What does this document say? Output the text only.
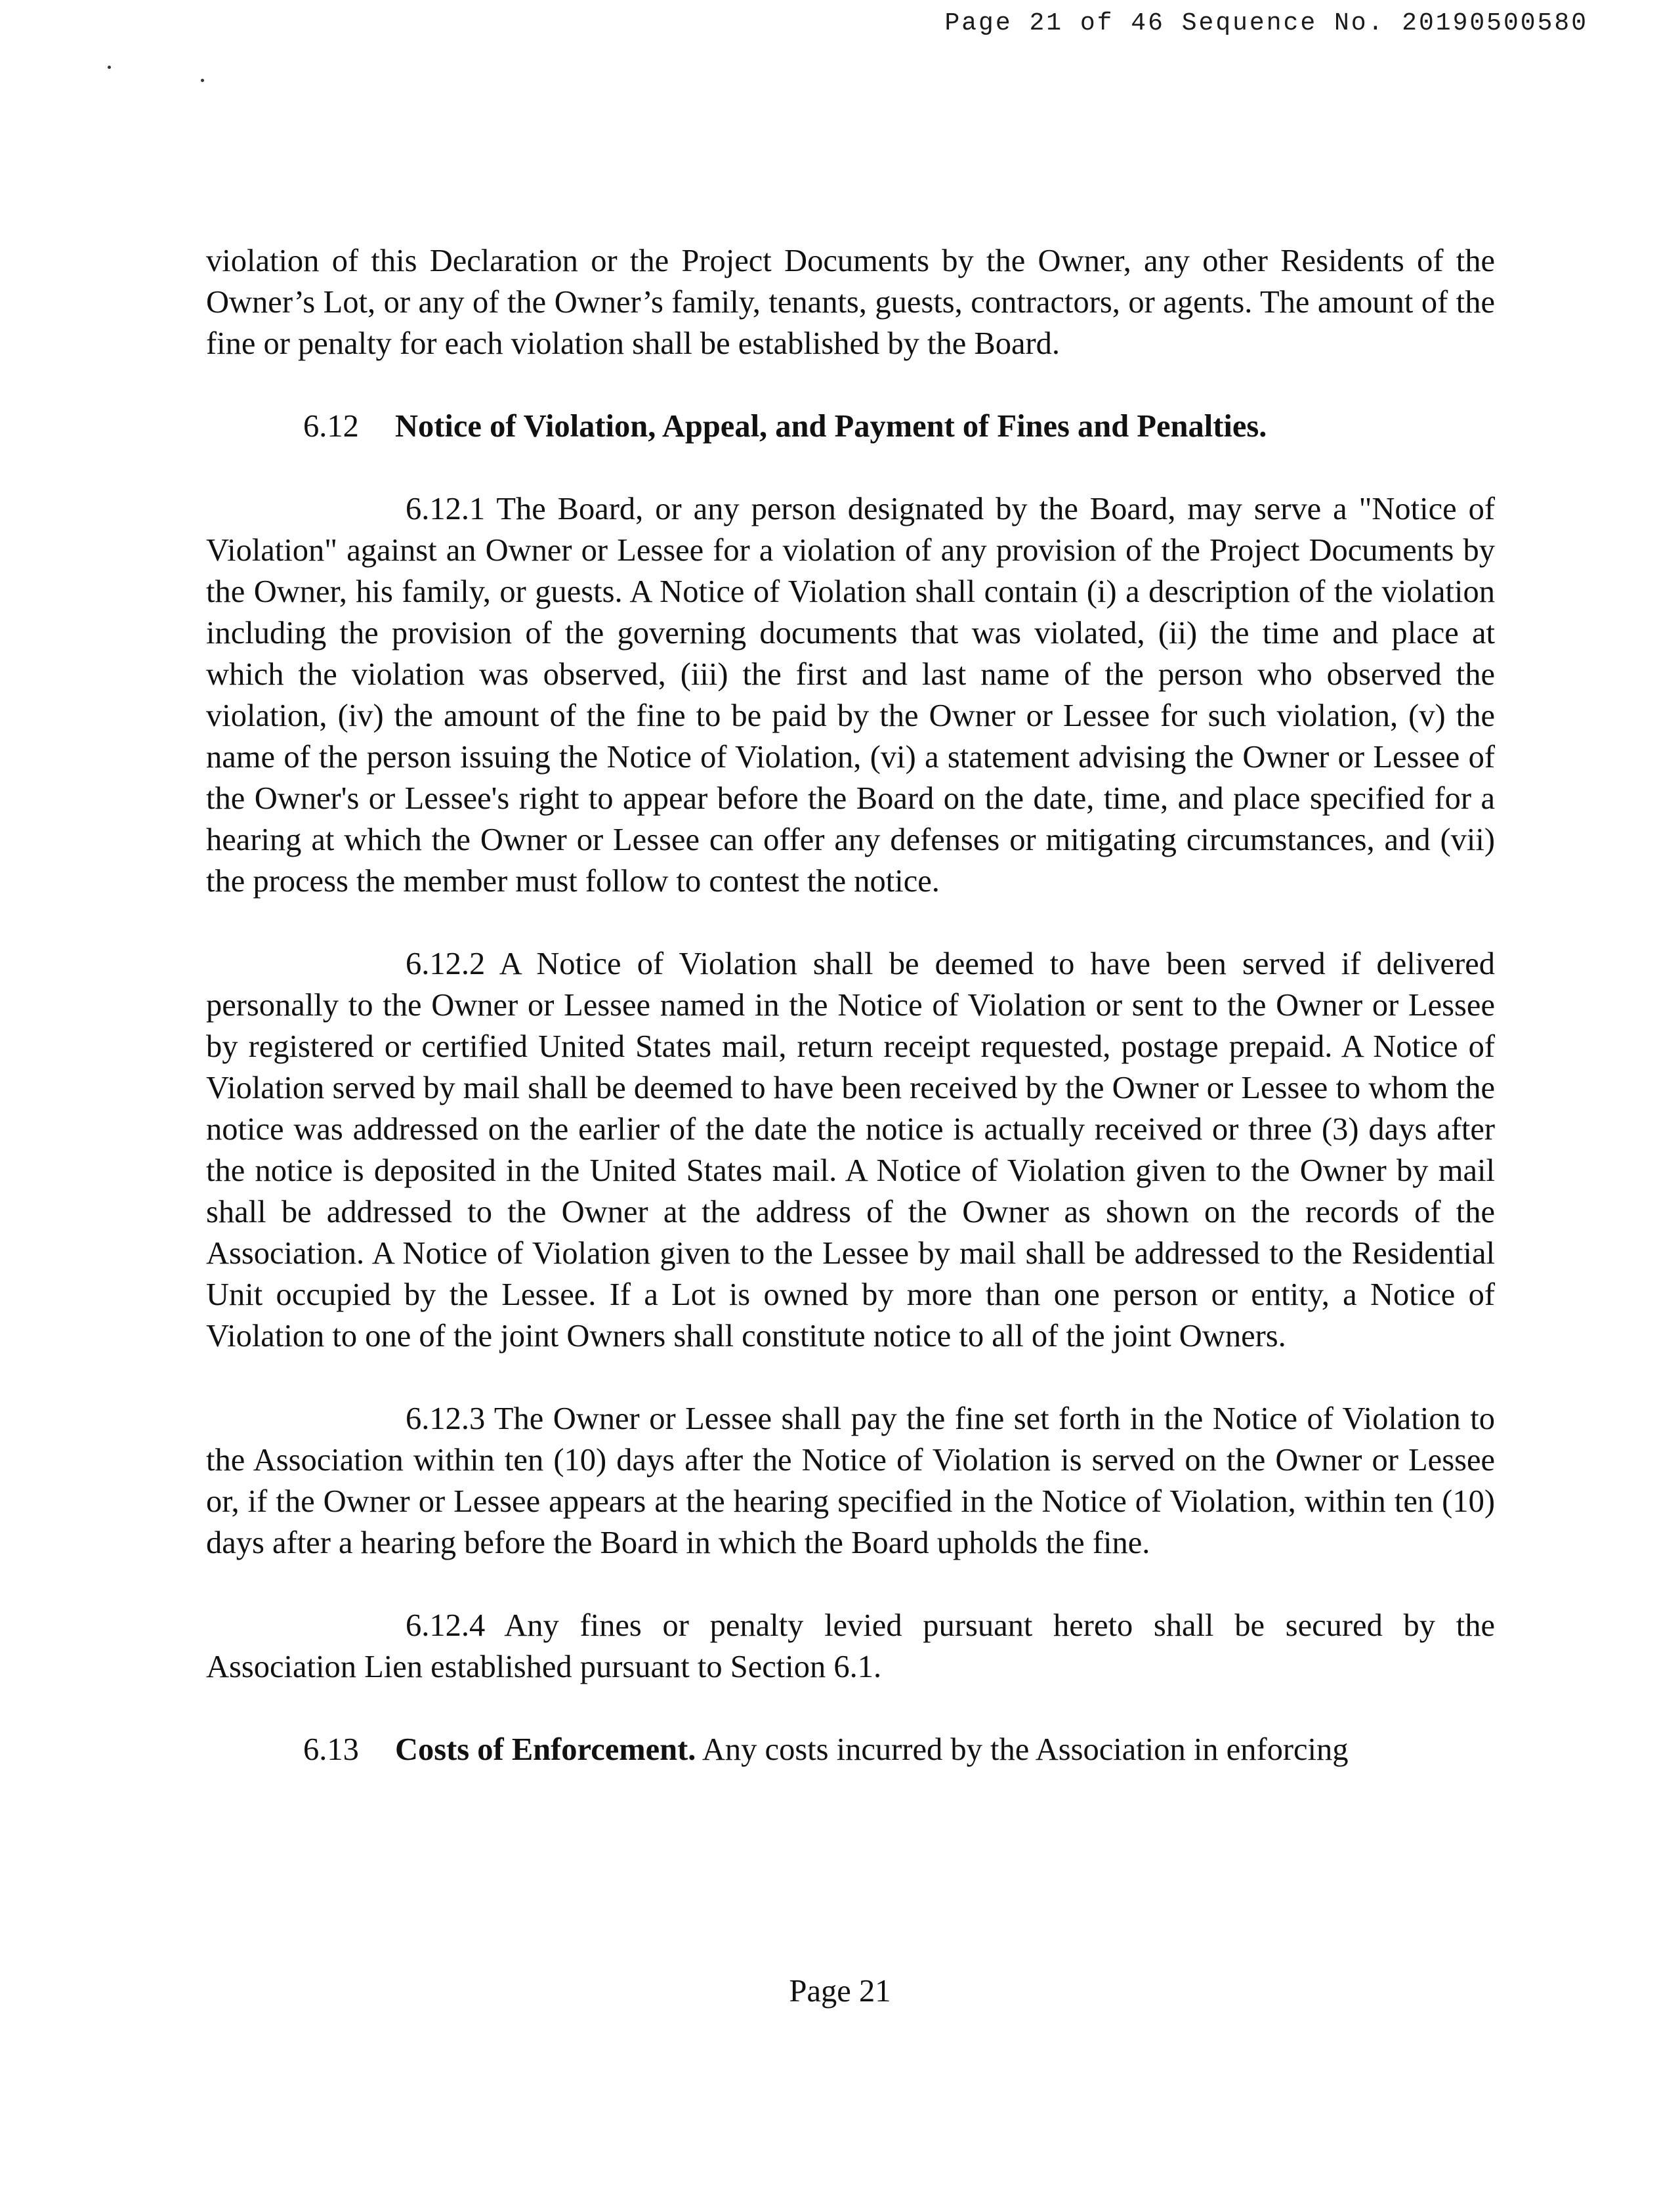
Page 21 of 46 Sequence No. 20190500580

violation of this Declaration or the Project Documents by the Owner, any other Residents of the Owner’s Lot, or any of the Owner’s family, tenants, guests, contractors, or agents. The amount of the fine or penalty for each violation shall be established by the Board.

6.12 Notice of Violation, Appeal, and Payment of Fines and Penalties.

6.12.1 The Board, or any person designated by the Board, may serve a "Notice of Violation" against an Owner or Lessee for a violation of any provision of the Project Documents by the Owner, his family, or guests. A Notice of Violation shall contain (i) a description of the violation including the provision of the governing documents that was violated, (ii) the time and place at which the violation was observed, (iii) the first and last name of the person who observed the violation, (iv) the amount of the fine to be paid by the Owner or Lessee for such violation, (v) the name of the person issuing the Notice of Violation, (vi) a statement advising the Owner or Lessee of the Owner's or Lessee's right to appear before the Board on the date, time, and place specified for a hearing at which the Owner or Lessee can offer any defenses or mitigating circumstances, and (vii) the process the member must follow to contest the notice.

6.12.2 A Notice of Violation shall be deemed to have been served if delivered personally to the Owner or Lessee named in the Notice of Violation or sent to the Owner or Lessee by registered or certified United States mail, return receipt requested, postage prepaid. A Notice of Violation served by mail shall be deemed to have been received by the Owner or Lessee to whom the notice was addressed on the earlier of the date the notice is actually received or three (3) days after the notice is deposited in the United States mail. A Notice of Violation given to the Owner by mail shall be addressed to the Owner at the address of the Owner as shown on the records of the Association. A Notice of Violation given to the Lessee by mail shall be addressed to the Residential Unit occupied by the Lessee. If a Lot is owned by more than one person or entity, a Notice of Violation to one of the joint Owners shall constitute notice to all of the joint Owners.

6.12.3 The Owner or Lessee shall pay the fine set forth in the Notice of Violation to the Association within ten (10) days after the Notice of Violation is served on the Owner or Lessee or, if the Owner or Lessee appears at the hearing specified in the Notice of Violation, within ten (10) days after a hearing before the Board in which the Board upholds the fine.

6.12.4 Any fines or penalty levied pursuant hereto shall be secured by the Association Lien established pursuant to Section 6.1.

6.13 Costs of Enforcement. Any costs incurred by the Association in enforcing

Page 21
